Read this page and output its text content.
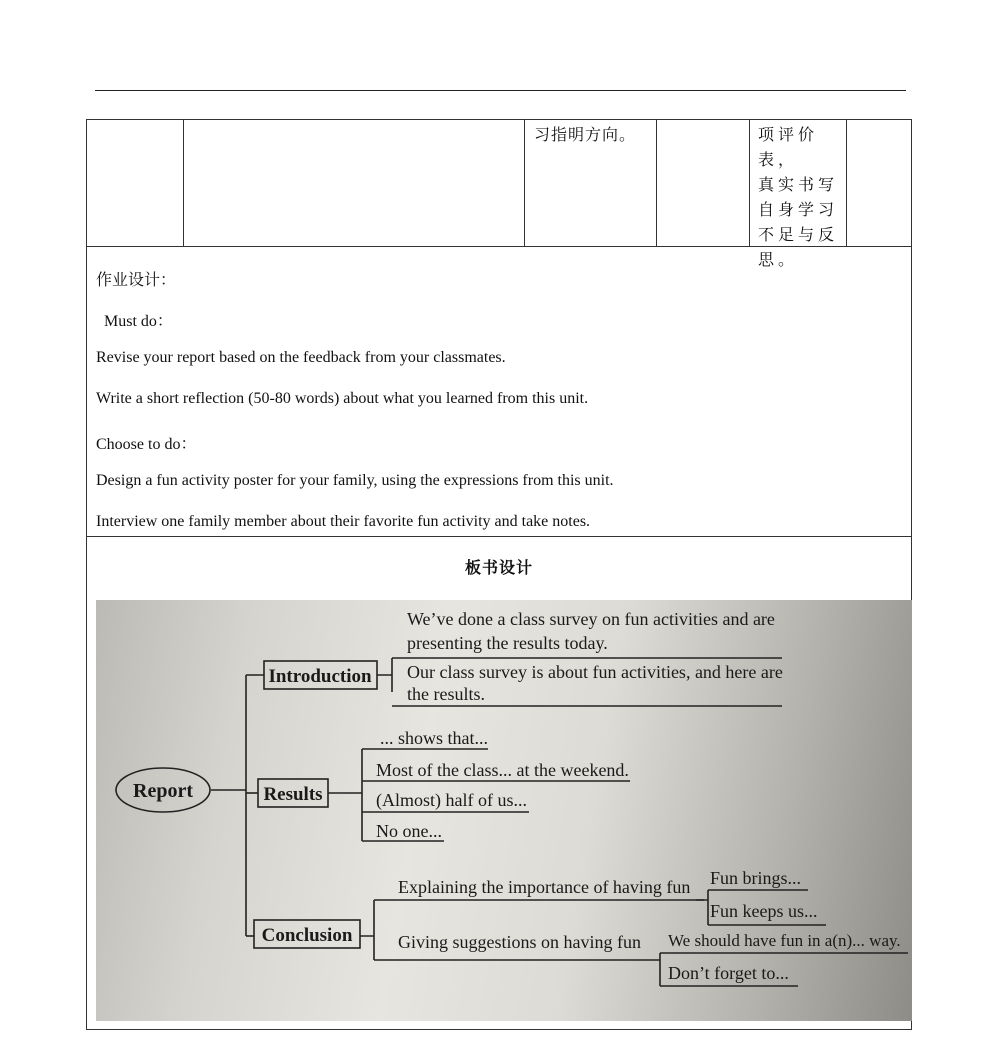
习指明方向。	项评价表，
真实书写
自身学习
不足与反
思。
作业设计：
Must do：
Revise your report based on the feedback from your classmates.
Write a short reflection (50-80 words) about what you learned from this unit.
Choose to do：
Design a fun activity poster for your family, using the expressions from this unit.
Interview one family member about their favorite fun activity and take notes.
板书设计
Report
Introduction
Results
Conclusion
We’ve done a class survey on fun activities and are
presenting the results today.
Our class survey is about fun activities, and here are
the results.
... shows that...
Most of the class... at the weekend.
(Almost) half of us...
No one...
Explaining the importance of having fun Fun brings...
Fun keeps us...
Giving suggestions on having fun We should have fun in a(n)... way.
Don’t forget to...
